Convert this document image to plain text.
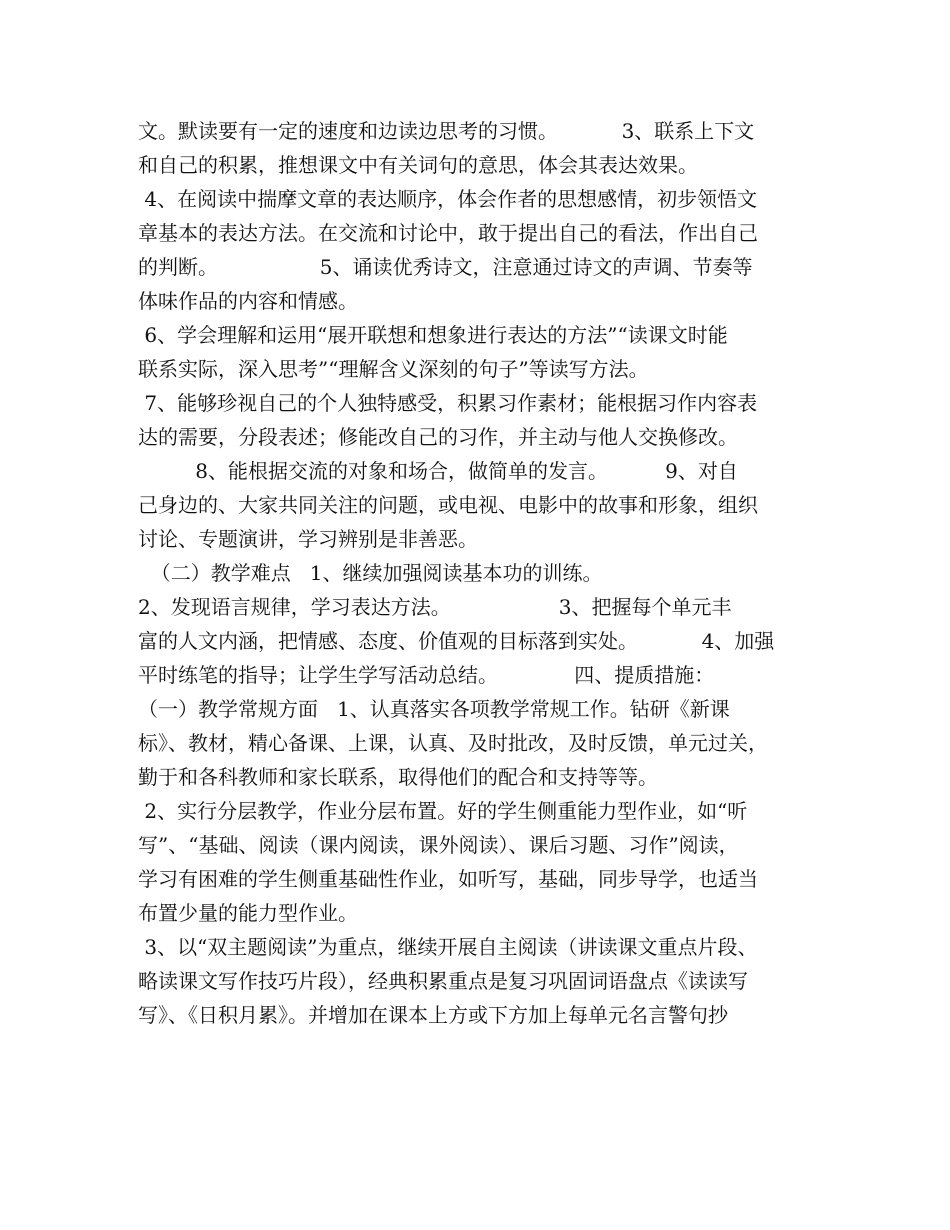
文。默读要有一定的速度和边读边思考的习惯。          3、联系上下文
和自己的积累，推想课文中有关词句的意思，体会其表达效果。
4、在阅读中揣摩文章的表达顺序，体会作者的思想感情，初步领悟文
章基本的表达方法。在交流和讨论中，敢于提出自己的看法，作出自己
的判断。                5、诵读优秀诗文，注意通过诗文的声调、节奏等
体味作品的内容和情感。
6、学会理解和运用“展开联想和想象进行表达的方法”“读课文时能
联系实际，深入思考”“理解含义深刻的句子”等读写方法。
7、能够珍视自己的个人独特感受，积累习作素材；能根据习作内容表
达的需要，分段表述；修能改自己的习作，并主动与他人交换修改。
8、能根据交流的对象和场合，做简单的发言。         9、对自
己身边的、大家共同关注的问题，或电视、电影中的故事和形象，组织
讨论、专题演讲，学习辨别是非善恶。
（二）教学难点   1、继续加强阅读基本功的训练。
2、发现语言规律，学习表达方法。                 3、把握每个单元丰
富的人文内涵，把情感、态度、价值观的目标落到实处。          4、加强
平时练笔的指导；让学生学写活动总结。            四、提质措施：
（一）教学常规方面   1、认真落实各项教学常规工作。钻研《新课
标》、教材，精心备课、上课，认真、及时批改，及时反馈，单元过关，
勤于和各科教师和家长联系，取得他们的配合和支持等等。
2、实行分层教学，作业分层布置。好的学生侧重能力型作业，如“听
写”、“基础、阅读（课内阅读，课外阅读）、课后习题、习作”阅读，
学习有困难的学生侧重基础性作业，如听写，基础，同步导学，也适当
布置少量的能力型作业。
3、以“双主题阅读”为重点，继续开展自主阅读（讲读课文重点片段、
略读课文写作技巧片段），经典积累重点是复习巩固词语盘点《读读写
写》、《日积月累》。并增加在课本上方或下方加上每单元名言警句抄
